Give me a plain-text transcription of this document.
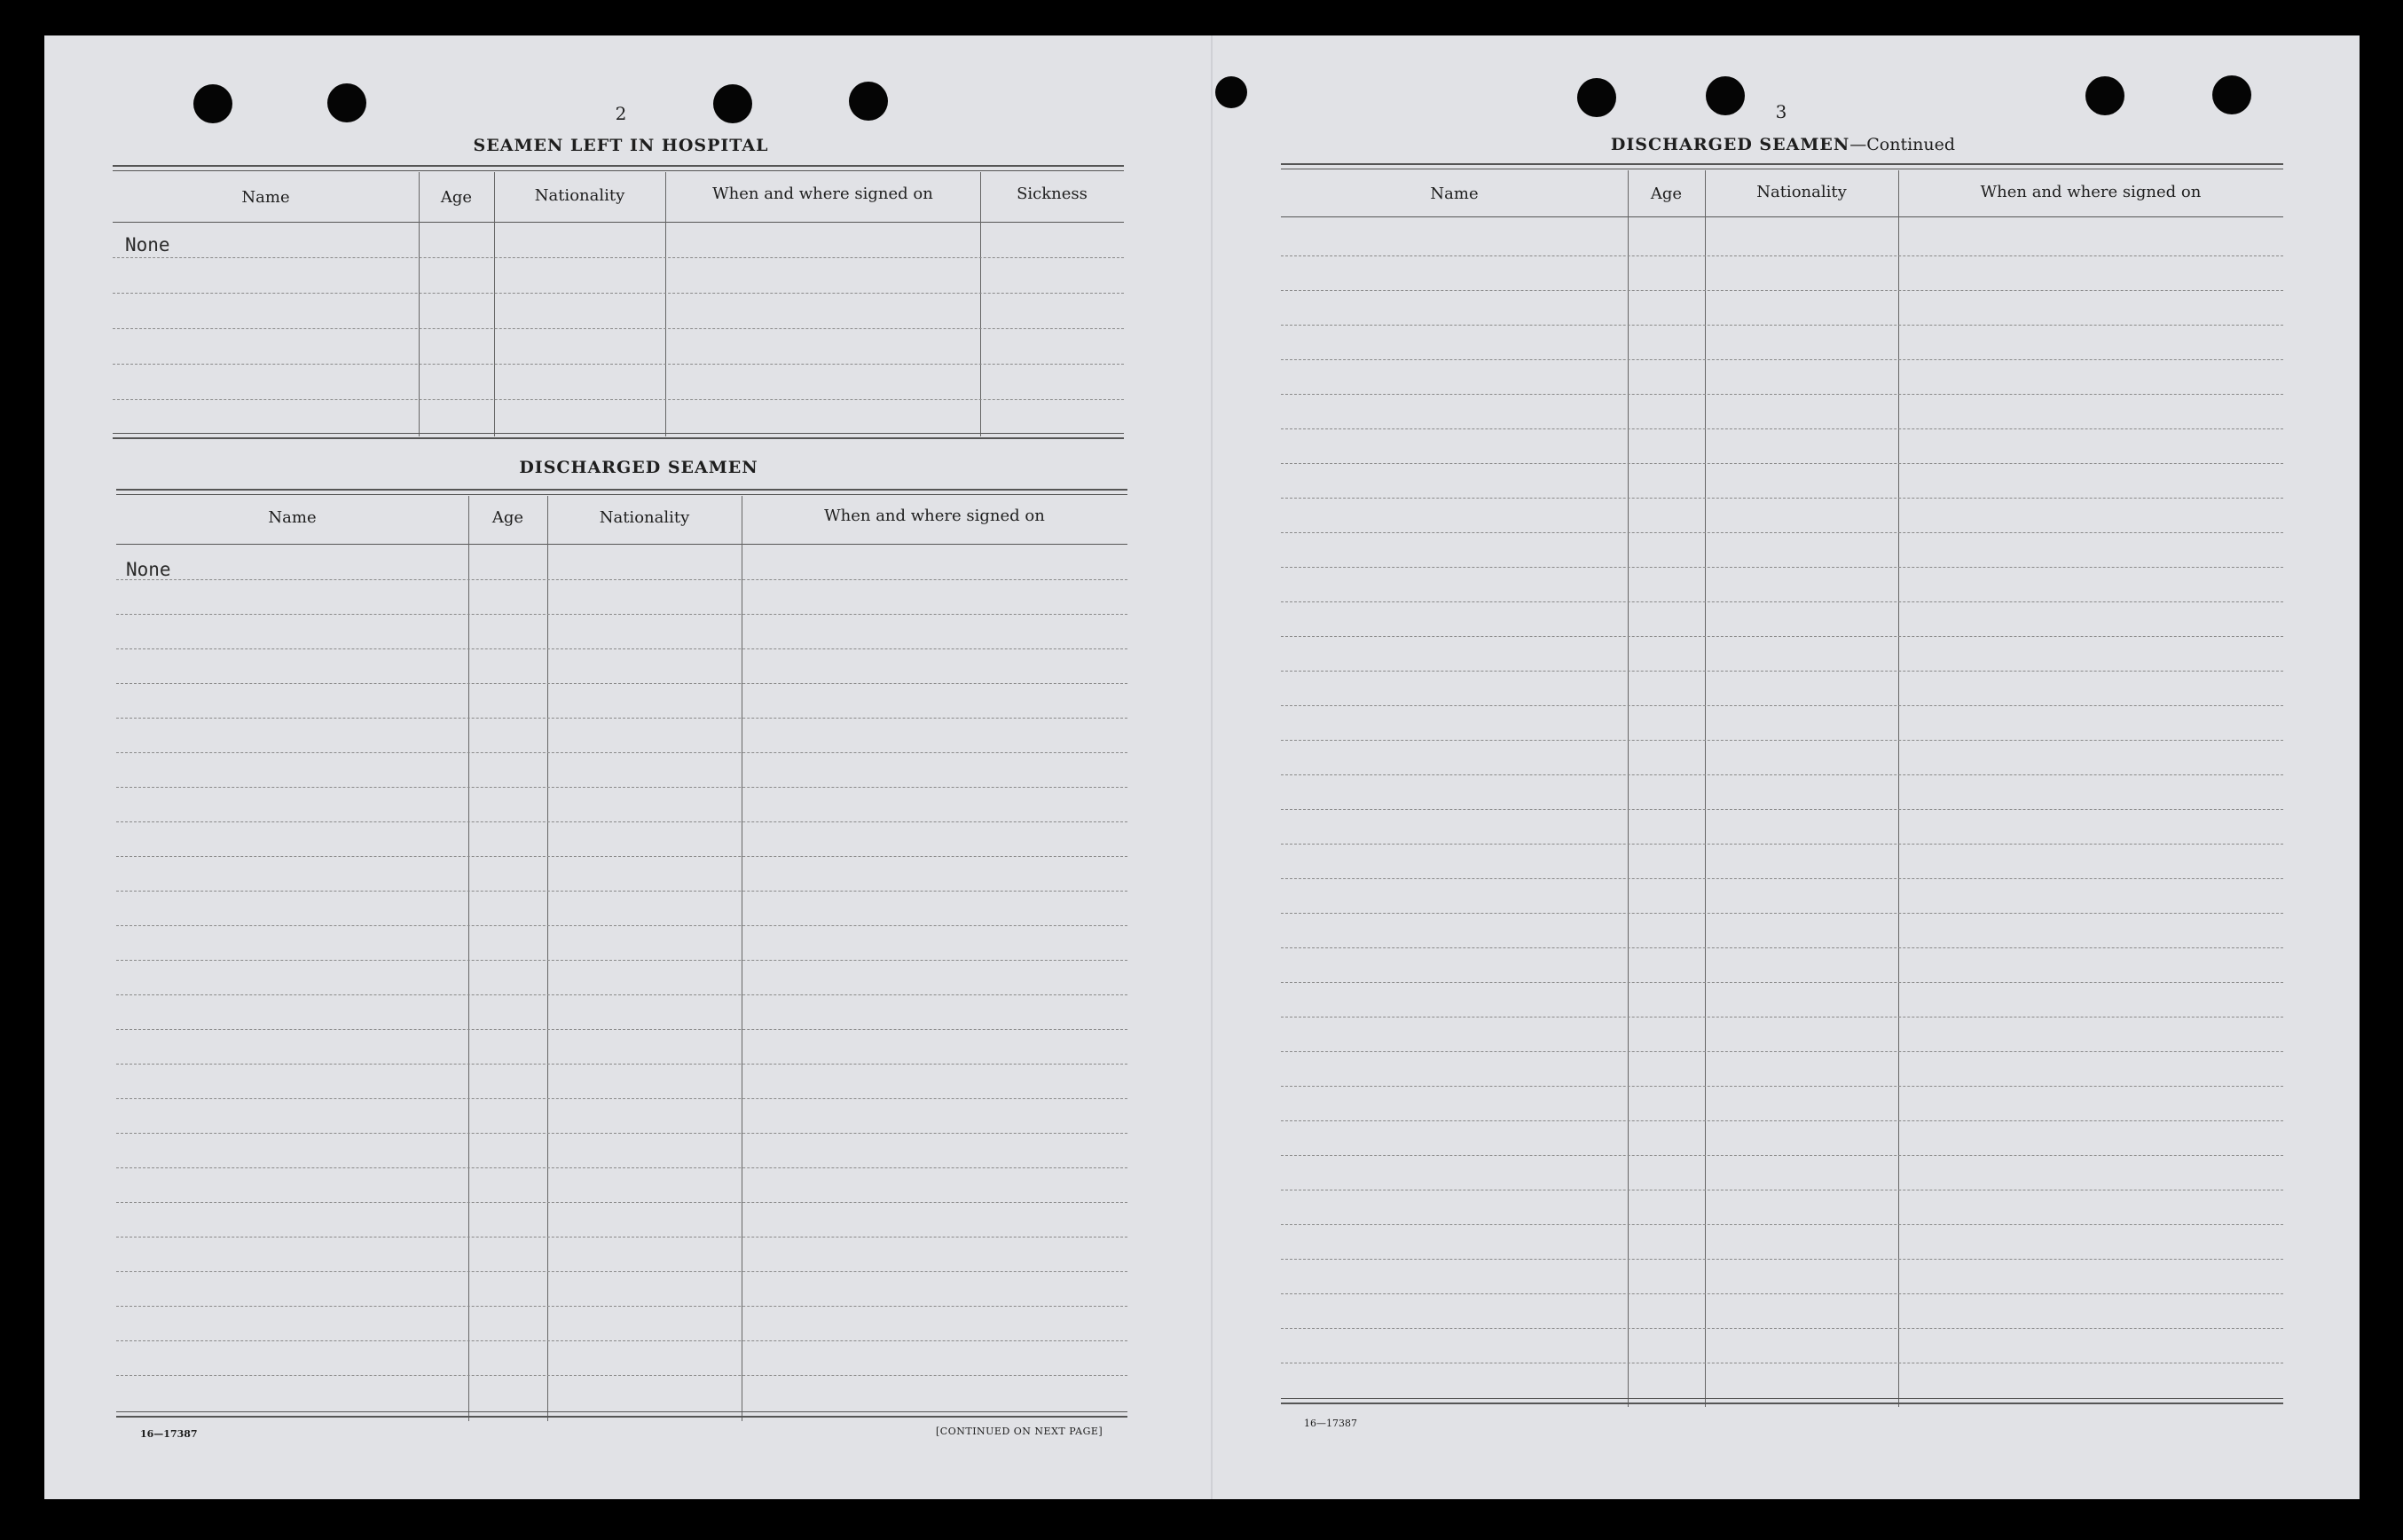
2
SEAMEN LEFT IN HOSPITAL
Name	Age	Nationality	When and where signed on	Sickness
None
DISCHARGED SEAMEN
Name	Age	Nationality	When and where signed on
None
16—17387	[CONTINUED ON NEXT PAGE]
3
DISCHARGED SEAMEN—Continued
Name	Age	Nationality	When and where signed on
16—17387
